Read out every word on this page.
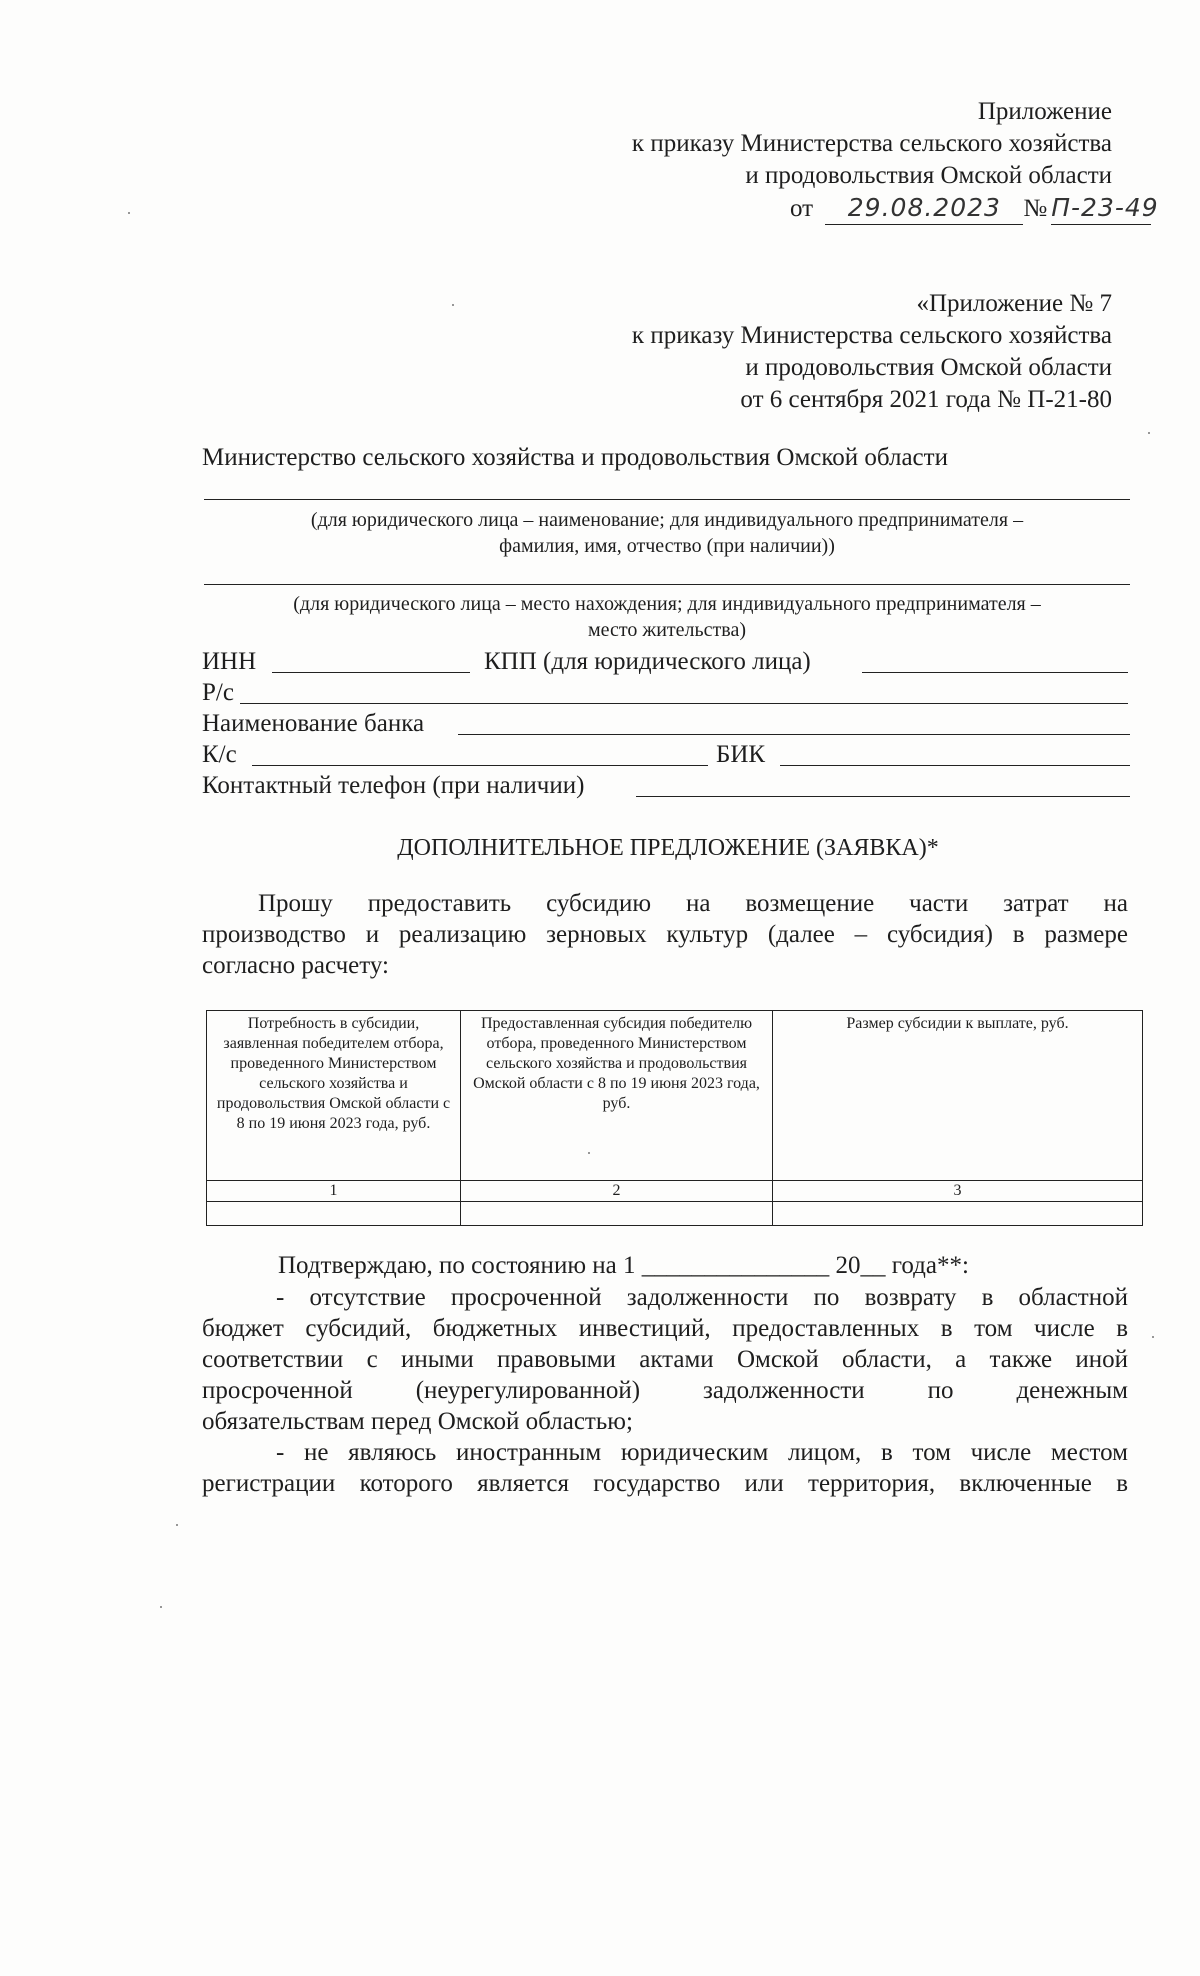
Приложение
к приказу Министерства сельского хозяйства
и продовольствия Омской области
от 29.08.2023 № П-23-49
«Приложение № 7
к приказу Министерства сельского хозяйства
и продовольствия Омской области
от 6 сентября 2021 года № П-21-80
Министерство сельского хозяйства и продовольствия Омской области
(для юридического лица – наименование; для индивидуального предпринимателя –
фамилия, имя, отчество (при наличии))
(для юридического лица – место нахождения; для индивидуального предпринимателя –
место жительства)
ИНН	КПП (для юридического лица)
Р/с
Наименование банка
К/с	БИК
Контактный телефон (при наличии)
ДОПОЛНИТЕЛЬНОЕ ПРЕДЛОЖЕНИЕ (ЗАЯВКА)*
Прошу предоставить субсидию на возмещение части затрат на
производство и реализацию зерновых культур (далее – субсидия) в размере
согласно расчету:
Потребность в субсидии, заявленная победителем отбора, проведенного Министерством сельского хозяйства и продовольствия Омской области с 8 по 19 июня 2023 года, руб.	Предоставленная субсидия победителю отбора, проведенного Министерством сельского хозяйства и продовольствия Омской области с 8 по 19 июня 2023 года, руб.	Размер субсидии к выплате, руб.
1	2	3

Подтверждаю, по состоянию на 1 _______________ 20__ года**:
- отсутствие просроченной задолженности по возврату в областной
бюджет субсидий, бюджетных инвестиций, предоставленных в том числе в
соответствии с иными правовыми актами Омской области, а также иной
просроченной (неурегулированной) задолженности по денежным
обязательствам перед Омской областью;
- не являюсь иностранным юридическим лицом, в том числе местом
регистрации которого является государство или территория, включенные в
